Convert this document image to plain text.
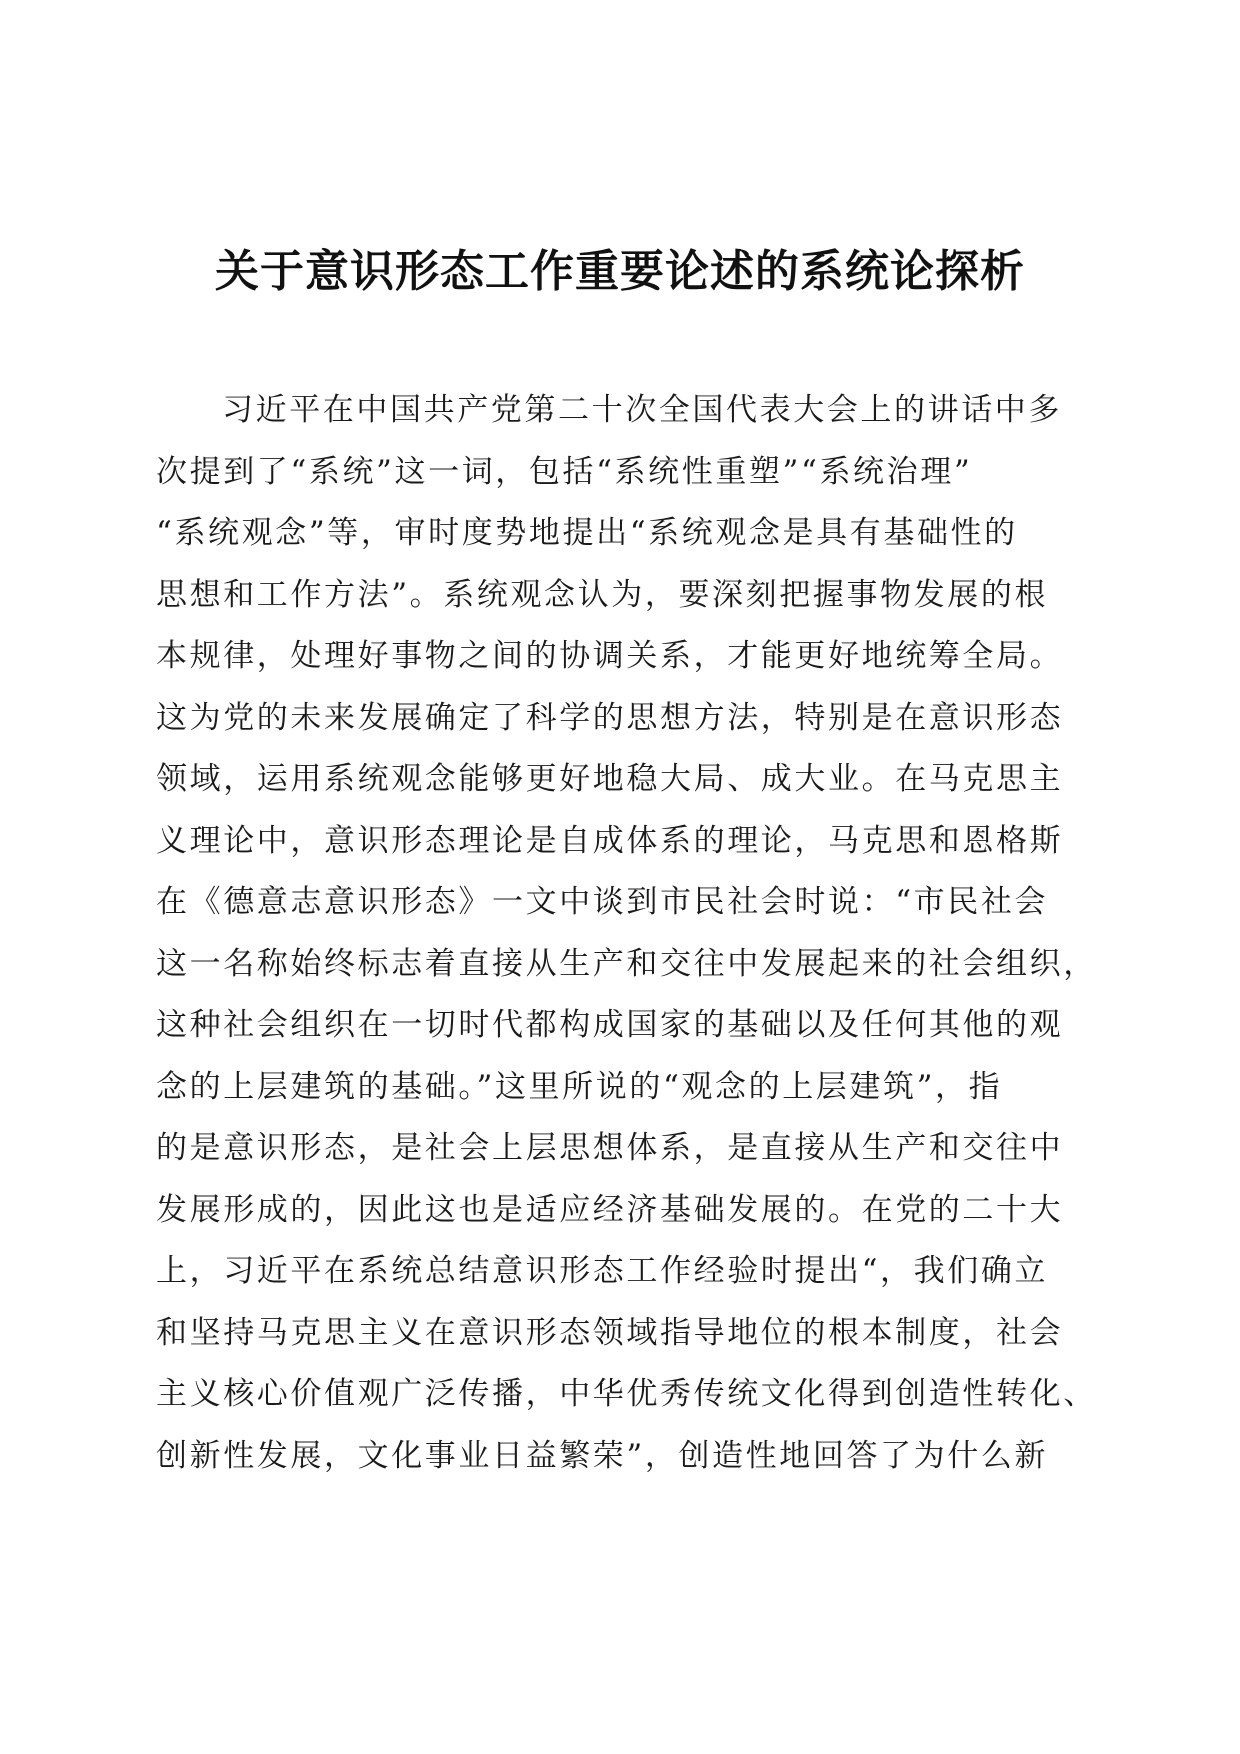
关于意识形态工作重要论述的系统论探析
习近平在中国共产党第二十次全国代表大会上的讲话中多
次提到了“系统”这一词，包括“系统性重塑”“系统治理”
“系统观念”等，审时度势地提出“系统观念是具有基础性的
思想和工作方法”。系统观念认为，要深刻把握事物发展的根
本规律，处理好事物之间的协调关系，才能更好地统筹全局。
这为党的未来发展确定了科学的思想方法，特别是在意识形态
领域，运用系统观念能够更好地稳大局、成大业。在马克思主
义理论中，意识形态理论是自成体系的理论，马克思和恩格斯
在《德意志意识形态》一文中谈到市民社会时说：“市民社会
这一名称始终标志着直接从生产和交往中发展起来的社会组织，
这种社会组织在一切时代都构成国家的基础以及任何其他的观
念的上层建筑的基础。”这里所说的“观念的上层建筑”，指
的是意识形态，是社会上层思想体系，是直接从生产和交往中
发展形成的，因此这也是适应经济基础发展的。在党的二十大
上，习近平在系统总结意识形态工作经验时提出“，我们确立
和坚持马克思主义在意识形态领域指导地位的根本制度，社会
主义核心价值观广泛传播，中华优秀传统文化得到创造性转化、
创新性发展，文化事业日益繁荣”，创造性地回答了为什么新
